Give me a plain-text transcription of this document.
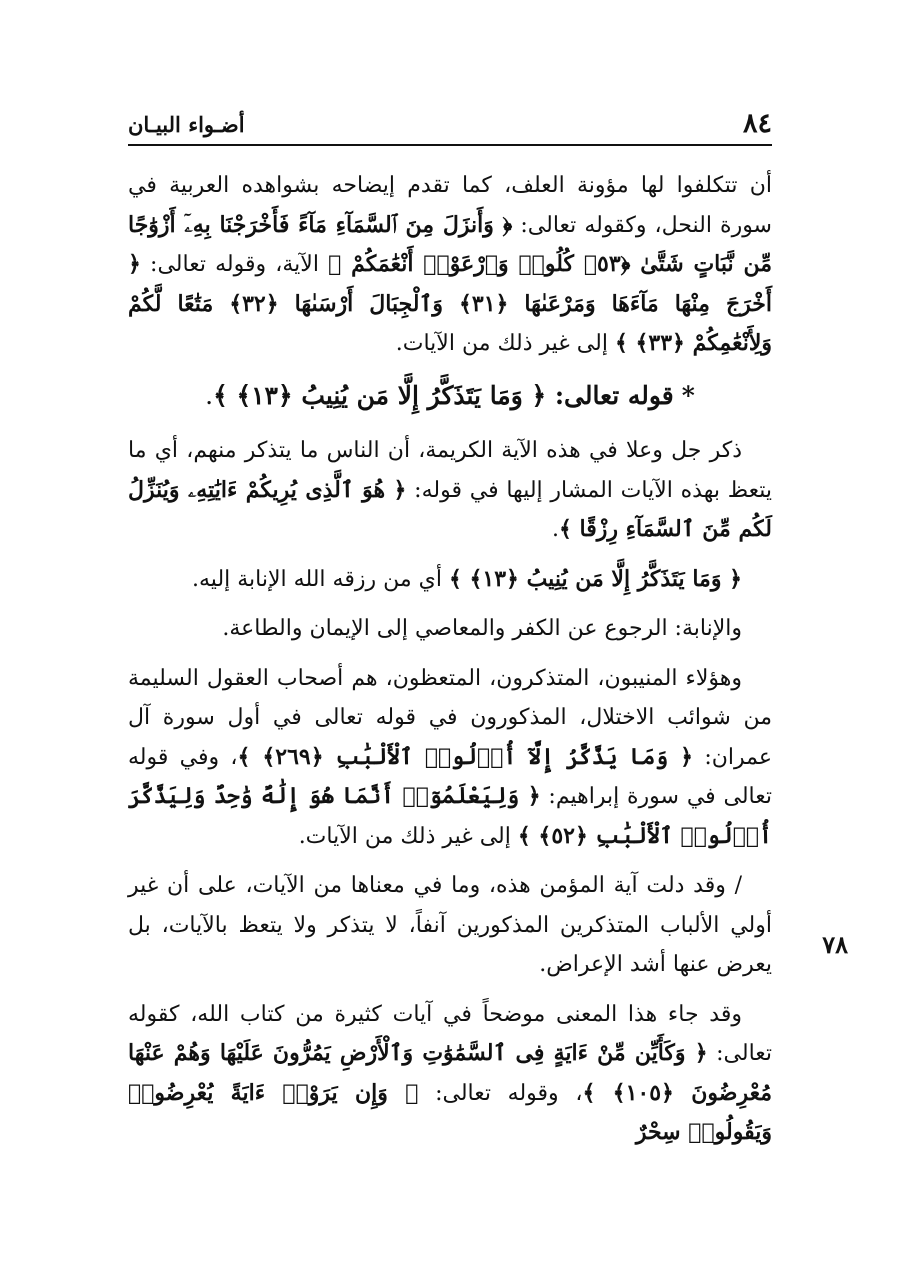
٨٤
أضـواء البيـان
٧٨

أن تتكلفوا لها مؤونة العلف، كما تقدم إيضاحه بشواهده العربية في سورة النحل، وكقوله تعالى: ﴿ وَأَنزَلَ مِنَ ٱلسَّمَآءِ مَآءً فَأَخْرَجْنَا بِهِۦٓ أَزْوَٰجًا مِّن نَّبَاتٍ شَتَّىٰ ﴿٥٣﴾ كُلُوا۟ وَٱرْعَوْا۟ أَنْعَٰمَكُمْ ﴾ الآية، وقوله تعالى: ﴿ أَخْرَجَ مِنْهَا مَآءَهَا وَمَرْعَىٰهَا ﴿٣١﴾ وَٱلْجِبَالَ أَرْسَىٰهَا ﴿٣٢﴾ مَتَٰعًا لَّكُمْ وَلِأَنْعَٰمِكُمْ ﴿٣٣﴾ ﴾ إلى غير ذلك من الآيات.

*قوله تعالى: ﴿ وَمَا يَتَذَكَّرُ إِلَّا مَن يُنِيبُ ﴿١٣﴾ ﴾.

ذكر جل وعلا في هذه الآية الكريمة، أن الناس ما يتذكر منهم، أي ما يتعظ بهذه الآيات المشار إليها في قوله: ﴿ هُوَ ٱلَّذِى يُرِيكُمْ ءَايَٰتِهِۦ وَيُنَزِّلُ لَكُم مِّنَ ٱلسَّمَآءِ رِزْقًا ﴾.

﴿ وَمَا يَتَذَكَّرُ إِلَّا مَن يُنِيبُ ﴿١٣﴾ ﴾ أي من رزقه الله الإنابة إليه.

والإنابة: الرجوع عن الكفر والمعاصي إلى الإيمان والطاعة.

وهؤلاء المنيبون، المتذكرون، المتعظون، هم أصحاب العقول السليمة من شوائب الاختلال، المذكورون في قوله تعالى في أول سورة آل عمران: ﴿ وَمَا يَذَّكَّرُ إِلَّآ أُو۟لُوا۟ ٱلْأَلْبَٰبِ ﴿٢٦٩﴾ ﴾، وفي قوله تعالى في سورة إبراهيم: ﴿ وَلِيَعْلَمُوٓا۟ أَنَّمَا هُوَ إِلَٰهٌ وَٰحِدٌ وَلِيَذَّكَّرَ أُو۟لُوا۟ ٱلْأَلْبَٰبِ ﴿٥٢﴾ ﴾ إلى غير ذلك من الآيات.

/ وقد دلت آية المؤمن هذه، وما في معناها من الآيات، على أن غير أولي الألباب المتذكرين المذكورين آنفاً، لا يتذكر ولا يتعظ بالآيات، بل يعرض عنها أشد الإعراض.

وقد جاء هذا المعنى موضحاً في آيات كثيرة من كتاب الله، كقوله تعالى: ﴿ وَكَأَيِّن مِّنْ ءَايَةٍ فِى ٱلسَّمَٰوَٰتِ وَٱلْأَرْضِ يَمُرُّونَ عَلَيْهَا وَهُمْ عَنْهَا مُعْرِضُونَ ﴿١٠٥﴾ ﴾، وقوله تعالى: ﴿ وَإِن يَرَوْا۟ ءَايَةً يُعْرِضُوا۟ وَيَقُولُوا۟ سِحْرٌ
